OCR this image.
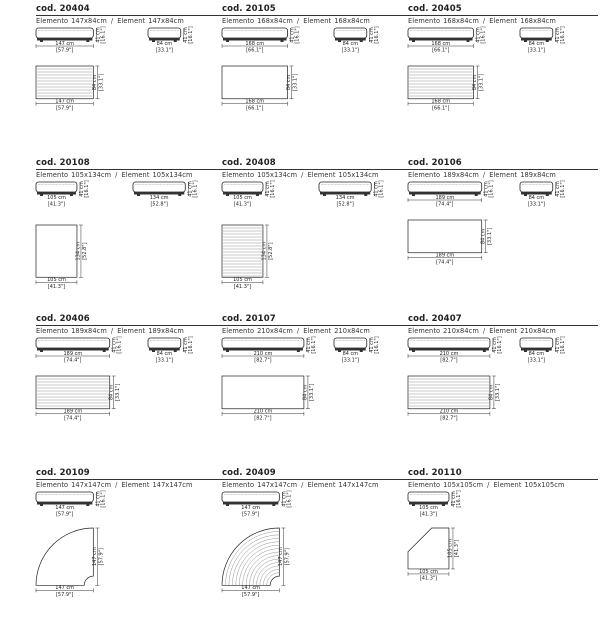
cod. 20404
Elemento 147x84cm / Element 147x84cm
41 cm [16.1"]
147 cm
[57.9"]
41 cm [16.1"]
84 cm
[33.1"]
84 cm [33.1"]
147 cm
[57.9"]
cod. 20105
Elemento 168x84cm / Element 168x84cm
41 cm [16.1"]
168 cm
[66.1"]
41 cm [16.1"]
84 cm
[33.1"]
84 cm [33.1"]
168 cm
[66.1"]
cod. 20405
Elemento 168x84cm / Element 168x84cm
41 cm [16.1"]
168 cm
[66.1"]
41 cm [16.1"]
84 cm
[33.1"]
84 cm [33.1"]
168 cm
[66.1"]
cod. 20108
Elemento 105x134cm / Element 105x134cm
41 cm [16.1"]
105 cm
[41.3"]
41 cm [16.1"]
134 cm
[52.8"]
134 cm [52.8"]
105 cm
[41.3"]
cod. 20408
Elemento 105x134cm / Element 105x134cm
41 cm [16.1"]
105 cm
[41.3"]
41 cm [16.1"]
134 cm
[52.8"]
134 cm [52.8"]
105 cm
[41.3"]
cod. 20106
Elemento 189x84cm / Element 189x84cm
41 cm [16.1"]
189 cm
[74.4"]
41 cm [16.1"]
84 cm
[33.1"]
84 cm [33.1"]
189 cm
[74.4"]
cod. 20406
Elemento 189x84cm / Element 189x84cm
41 cm [16.1"]
189 cm
[74.4"]
41 cm [16.1"]
84 cm
[33.1"]
84 cm [33.1"]
189 cm
[74.4"]
cod. 20107
Elemento 210x84cm / Element 210x84cm
41 cm [16.1"]
210 cm
[82.7"]
41 cm [16.1"]
84 cm
[33.1"]
84 cm [33.1"]
210 cm
[82.7"]
cod. 20407
Elemento 210x84cm / Element 210x84cm
41 cm [16.1"]
210 cm
[82.7"]
41 cm [16.1"]
84 cm
[33.1"]
84 cm [33.1"]
210 cm
[82.7"]
cod. 20109
Elemento 147x147cm / Element 147x147cm
41 cm [16.1"]
147 cm
[57.9"]
147 cm [57.9"]
147 cm
[57.9"]
cod. 20409
Elemento 147x147cm / Element 147x147cm
41 cm [16.1"]
147 cm
[57.9"]
147 cm [57.9"]
147 cm
[57.9"]
cod. 20110
Elemento 105x105cm / Element 105x105cm
41 cm [16.1"]
105 cm
[41.3"]
105 cm [41.3"]
105 cm
[41.3"]
